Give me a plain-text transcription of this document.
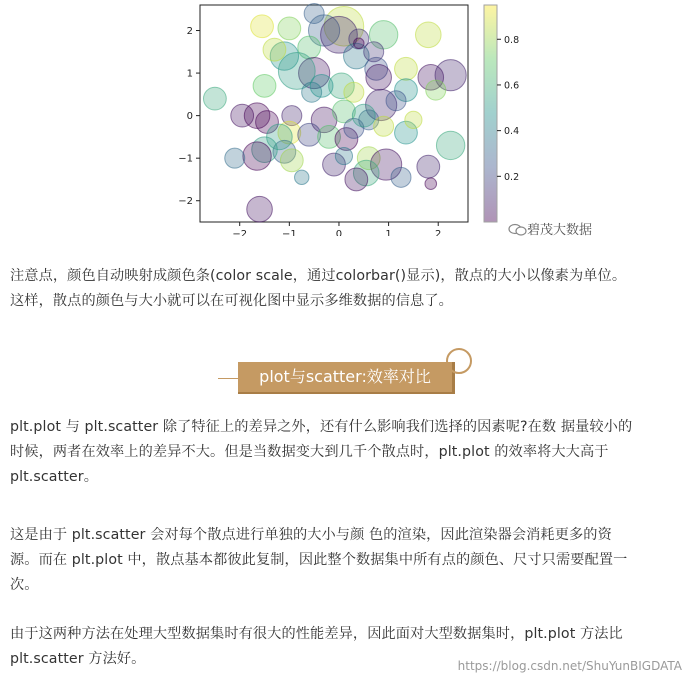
−2	−1	0	1	2
2
1
0
−1
−2
0.8
0.6
0.4
0.2
碧茂大数据

注意点，颜色自动映射成颜色条(color scale，通过colorbar()显示)，散点的大小以像素为单位。
这样，散点的颜色与大小就可以在可视化图中显示多维数据的信息了。

plot与scatter:效率对比

plt.plot 与 plt.scatter 除了特征上的差异之外，还有什么影响我们选择的因素呢?在数 据量较小的
时候，两者在效率上的差异不大。但是当数据变大到几千个散点时，plt.plot 的效率将大大高于
plt.scatter。

这是由于 plt.scatter 会对每个散点进行单独的大小与颜 色的渲染，因此渲染器会消耗更多的资
源。而在 plt.plot 中，散点基本都彼此复制，因此整个数据集中所有点的颜色、尺寸只需要配置一
次。

由于这两种方法在处理大型数据集时有很大的性能差异，因此面对大型数据集时，plt.plot 方法比
plt.scatter 方法好。	https://blog.csdn.net/ShuYunBIGDATA
